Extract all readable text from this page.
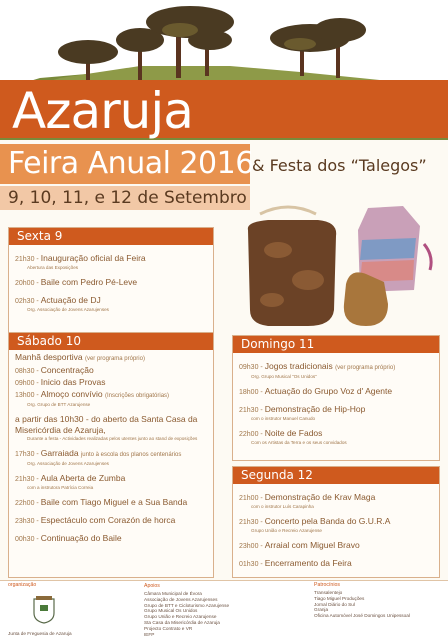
Azaruja
Feira Anual 2016
& Festa dos “Talegos”
9, 10, 11, e 12 de Setembro
Sexta 9
21h30 - Inauguração oficial da Feira
Abertura das Exposições
20h00 - Baile com Pedro Pé-Leve
02h30 - Actuação de DJ
Org. Associação de Jovens Azarujenses
Sábado 10
Manhã desportiva (ver programa próprio)
08h30 - Concentração
09h00 - Inicio das Provas
13h00 - Almoço convívio (Inscrições obrigatórias)
Org. Grupo de BTT Azarujense
a partir das 10h30 - do aberto da Santa Casa da Misericórdia de Azaruja,
Durante a festa - Actividades realizadas pelos utentes junto ao stand de exposições
17h30 - Garraiada junto à escola dos planos centenários
Org. Associação de Jovens Azarujenses
21h30 - Aula Aberta de Zumba
com a instrutora Patrícia Correia
22h00 - Baile com Tiago Miguel e a Sua Banda
23h30 - Espectáculo com Corazón de horca
00h30 - Continuação do Baile
Domingo 11
09h30 - Jogos tradicionais (ver programa próprio)
Org. Grupo Musical "Os Unidos"
18h00 - Actuação do Grupo Voz d' Agente
21h30 - Demonstração de Hip-Hop
com o instrutor Manuel Canudo
22h00 - Noite de Fados
Com os Artistas da Terra e os seus convidados
Segunda 12
21h00 - Demonstração de Krav Maga
com o instrutor Luís Carapinha
21h30 - Concerto pela Banda do G.U.R.A
Grupo União e Recreio Azarujense
23h00 - Arraial com Miguel Bravo
01h30 - Encerramento da Feira
organização
Junta de Freguesia de Azaruja
Apoios
Câmara Municipal de Évora
Associação de Jovens Azarujenses
Grupo de BTT e Cicloturismo Azarujense
Grupo Musical Os Unidos
Grupo União e Recreio Azarujense
Sta Casa da Misericórdia de Azaruja
Projecto Contrato e VR
IEFP
Patrocínios
Transalentejo
Tiago Miguel Produções
Jornal Diário do Sul
Granja
Oficina Automóvel José Domingos Unipessoal
